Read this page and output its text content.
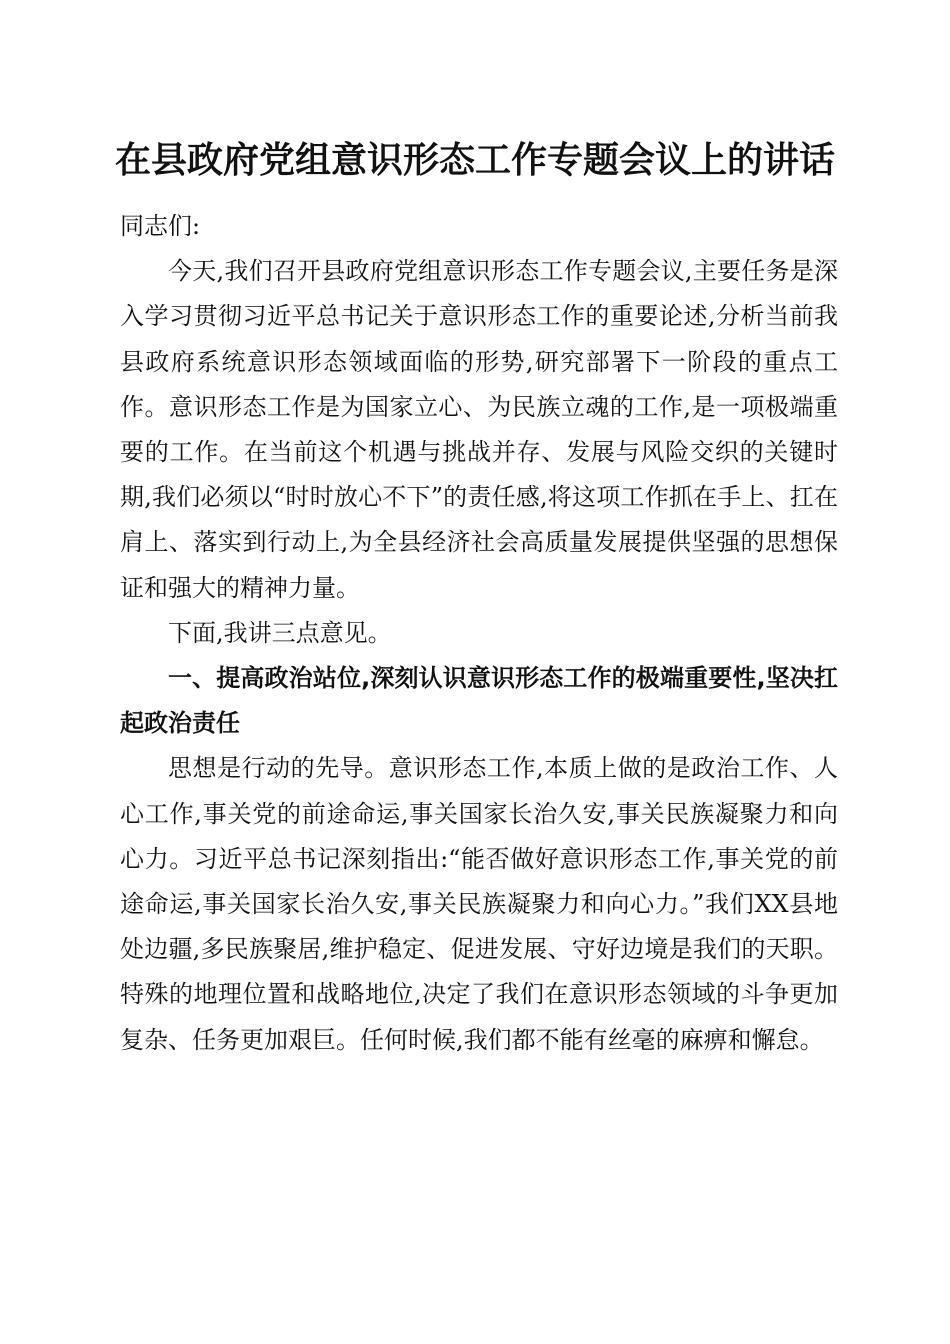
在县政府党组意识形态工作专题会议上的讲话

同志们:

今天,我们召开县政府党组意识形态工作专题会议,主要任务是深入学习贯彻习近平总书记关于意识形态工作的重要论述,分析当前我县政府系统意识形态领域面临的形势,研究部署下一阶段的重点工作。意识形态工作是为国家立心、为民族立魂的工作,是一项极端重要的工作。在当前这个机遇与挑战并存、发展与风险交织的关键时期,我们必须以“时时放心不下”的责任感,将这项工作抓在手上、扛在肩上、落实到行动上,为全县经济社会高质量发展提供坚强的思想保证和强大的精神力量。

下面,我讲三点意见。

一、提高政治站位,深刻认识意识形态工作的极端重要性,坚决扛起政治责任

思想是行动的先导。意识形态工作,本质上做的是政治工作、人心工作,事关党的前途命运,事关国家长治久安,事关民族凝聚力和向心力。习近平总书记深刻指出:“能否做好意识形态工作,事关党的前途命运,事关国家长治久安,事关民族凝聚力和向心力。”我们XX县地处边疆,多民族聚居,维护稳定、促进发展、守好边境是我们的天职。特殊的地理位置和战略地位,决定了我们在意识形态领域的斗争更加复杂、任务更加艰巨。任何时候,我们都不能有丝毫的麻痹和懈怠。
